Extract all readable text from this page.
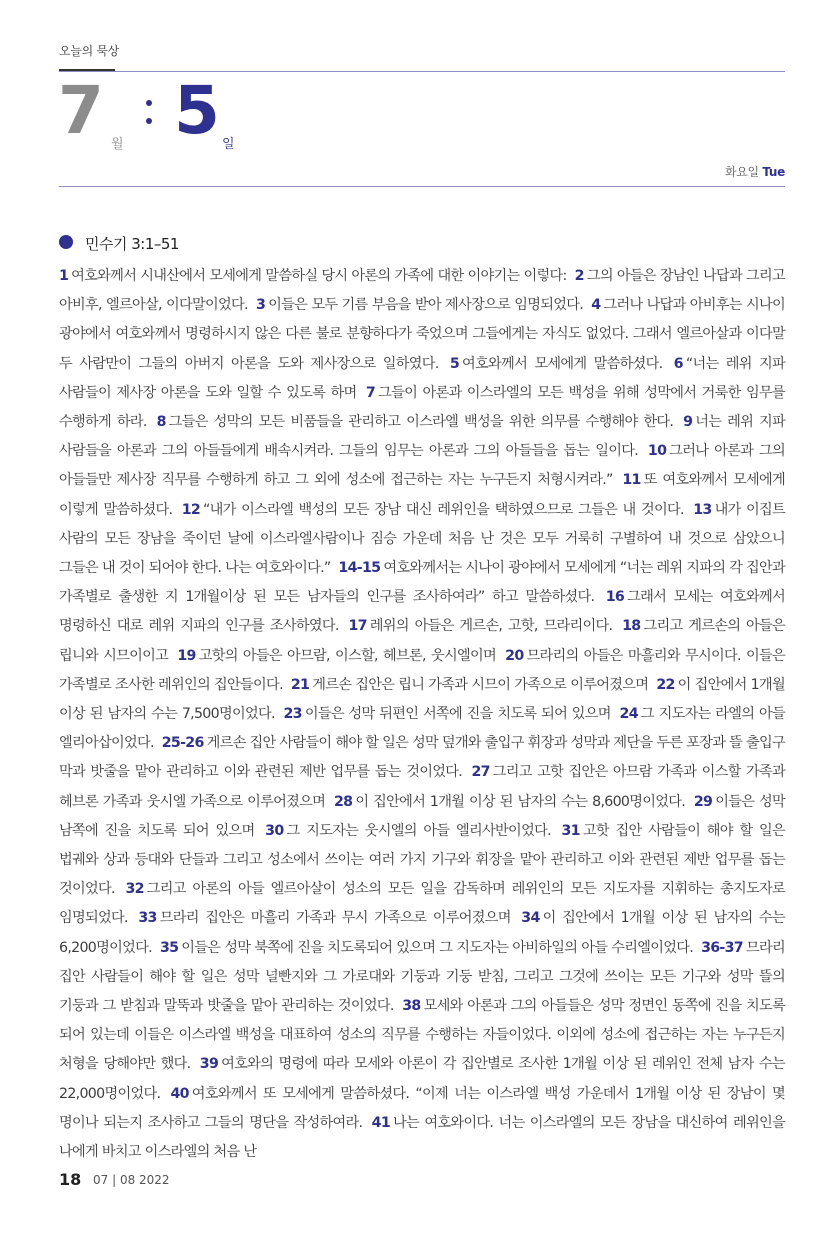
오늘의 묵상
7 월 5 일
화요일 Tue
민수기 3:1–51
1 여호와께서 시내산에서 모세에게 말씀하실 당시 아론의 가족에 대한 이야기는 이렇다: 2 그의 아들은 장남인 나답과 그리고 아비후, 엘르아살, 이다말이었다. 3 이들은 모두 기름 부음을 받아 제사장으로 임명되었다. 4 그러나 나답과 아비후는 시나이 광야에서 여호와께서 명령하시지 않은 다른 불로 분향하다가 죽었으며 그들에게는 자식도 없었다. 그래서 엘르아살과 이다말 두 사람만이 그들의 아버지 아론을 도와 제사장으로 일하였다. 5 여호와께서 모세에게 말씀하셨다. 6 “너는 레위 지파 사람들이 제사장 아론을 도와 일할 수 있도록 하며 7 그들이 아론과 이스라엘의 모든 백성을 위해 성막에서 거룩한 임무를 수행하게 하라. 8 그들은 성막의 모든 비품들을 관리하고 이스라엘 백성을 위한 의무를 수행해야 한다. 9 너는 레위 지파 사람들을 아론과 그의 아들들에게 배속시켜라. 그들의 임무는 아론과 그의 아들들을 돕는 일이다. 10 그러나 아론과 그의 아들들만 제사장 직무를 수행하게 하고 그 외에 성소에 접근하는 자는 누구든지 처형시켜라.” 11 또 여호와께서 모세에게 이렇게 말씀하셨다. 12 “내가 이스라엘 백성의 모든 장남 대신 레위인을 택하였으므로 그들은 내 것이다. 13 내가 이집트 사람의 모든 장남을 죽이던 날에 이스라엘사람이나 짐승 가운데 처음 난 것은 모두 거룩히 구별하여 내 것으로 삼았으니 그들은 내 것이 되어야 한다. 나는 여호와이다.” 14-15 여호와께서는 시나이 광야에서 모세에게 “너는 레위 지파의 각 집안과 가족별로 출생한 지 1개월이상 된 모든 남자들의 인구를 조사하여라” 하고 말씀하셨다. 16 그래서 모세는 여호와께서 명령하신 대로 레위 지파의 인구를 조사하였다. 17 레위의 아들은 게르손, 고핫, 므라리이다. 18 그리고 게르손의 아들은 립니와 시므이이고 19 고핫의 아들은 아므람, 이스할, 헤브론, 웃시엘이며 20 므라리의 아들은 마흘리와 무시이다. 이들은 가족별로 조사한 레위인의 집안들이다. 21 게르손 집안은 립니 가족과 시므이 가족으로 이루어졌으며 22 이 집안에서 1개월 이상 된 남자의 수는 7,500명이었다. 23 이들은 성막 뒤편인 서쪽에 진을 치도록 되어 있으며 24 그 지도자는 라엘의 아들 엘리아삽이었다. 25-26 게르손 집안 사람들이 해야 할 일은 성막 덮개와 출입구 휘장과 성막과 제단을 두른 포장과 뜰 출입구 막과 밧줄을 맡아 관리하고 이와 관련된 제반 업무를 돕는 것이었다. 27 그리고 고핫 집안은 아므람 가족과 이스할 가족과 헤브론 가족과 웃시엘 가족으로 이루어졌으며 28 이 집안에서 1개월 이상 된 남자의 수는 8,600명이었다. 29 이들은 성막 남쪽에 진을 치도록 되어 있으며 30 그 지도자는 웃시엘의 아들 엘리사반이었다. 31 고핫 집안 사람들이 해야 할 일은 법궤와 상과 등대와 단들과 그리고 성소에서 쓰이는 여러 가지 기구와 휘장을 맡아 관리하고 이와 관련된 제반 업무를 돕는 것이었다. 32 그리고 아론의 아들 엘르아살이 성소의 모든 일을 감독하며 레위인의 모든 지도자를 지휘하는 총지도자로 임명되었다. 33 므라리 집안은 마흘리 가족과 무시 가족으로 이루어졌으며 34 이 집안에서 1개월 이상 된 남자의 수는 6,200명이었다. 35 이들은 성막 북쪽에 진을 치도록되어 있으며 그 지도자는 아비하일의 아들 수리엘이었다. 36-37 므라리 집안 사람들이 해야 할 일은 성막 널빤지와 그 가로대와 기둥과 기둥 받침, 그리고 그것에 쓰이는 모든 기구와 성막 뜰의 기둥과 그 받침과 말뚝과 밧줄을 맡아 관리하는 것이었다. 38 모세와 아론과 그의 아들들은 성막 정면인 동쪽에 진을 치도록 되어 있는데 이들은 이스라엘 백성을 대표하여 성소의 직무를 수행하는 자들이었다. 이외에 성소에 접근하는 자는 누구든지 처형을 당해야만 했다. 39 여호와의 명령에 따라 모세와 아론이 각 집안별로 조사한 1개월 이상 된 레위인 전체 남자 수는 22,000명이었다. 40 여호와께서 또 모세에게 말씀하셨다. “이제 너는 이스라엘 백성 가운데서 1개월 이상 된 장남이 몇 명이나 되는지 조사하고 그들의 명단을 작성하여라. 41 나는 여호와이다. 너는 이스라엘의 모든 장남을 대신하여 레위인을 나에게 바치고 이스라엘의 처음 난
18 07 | 08 2022
